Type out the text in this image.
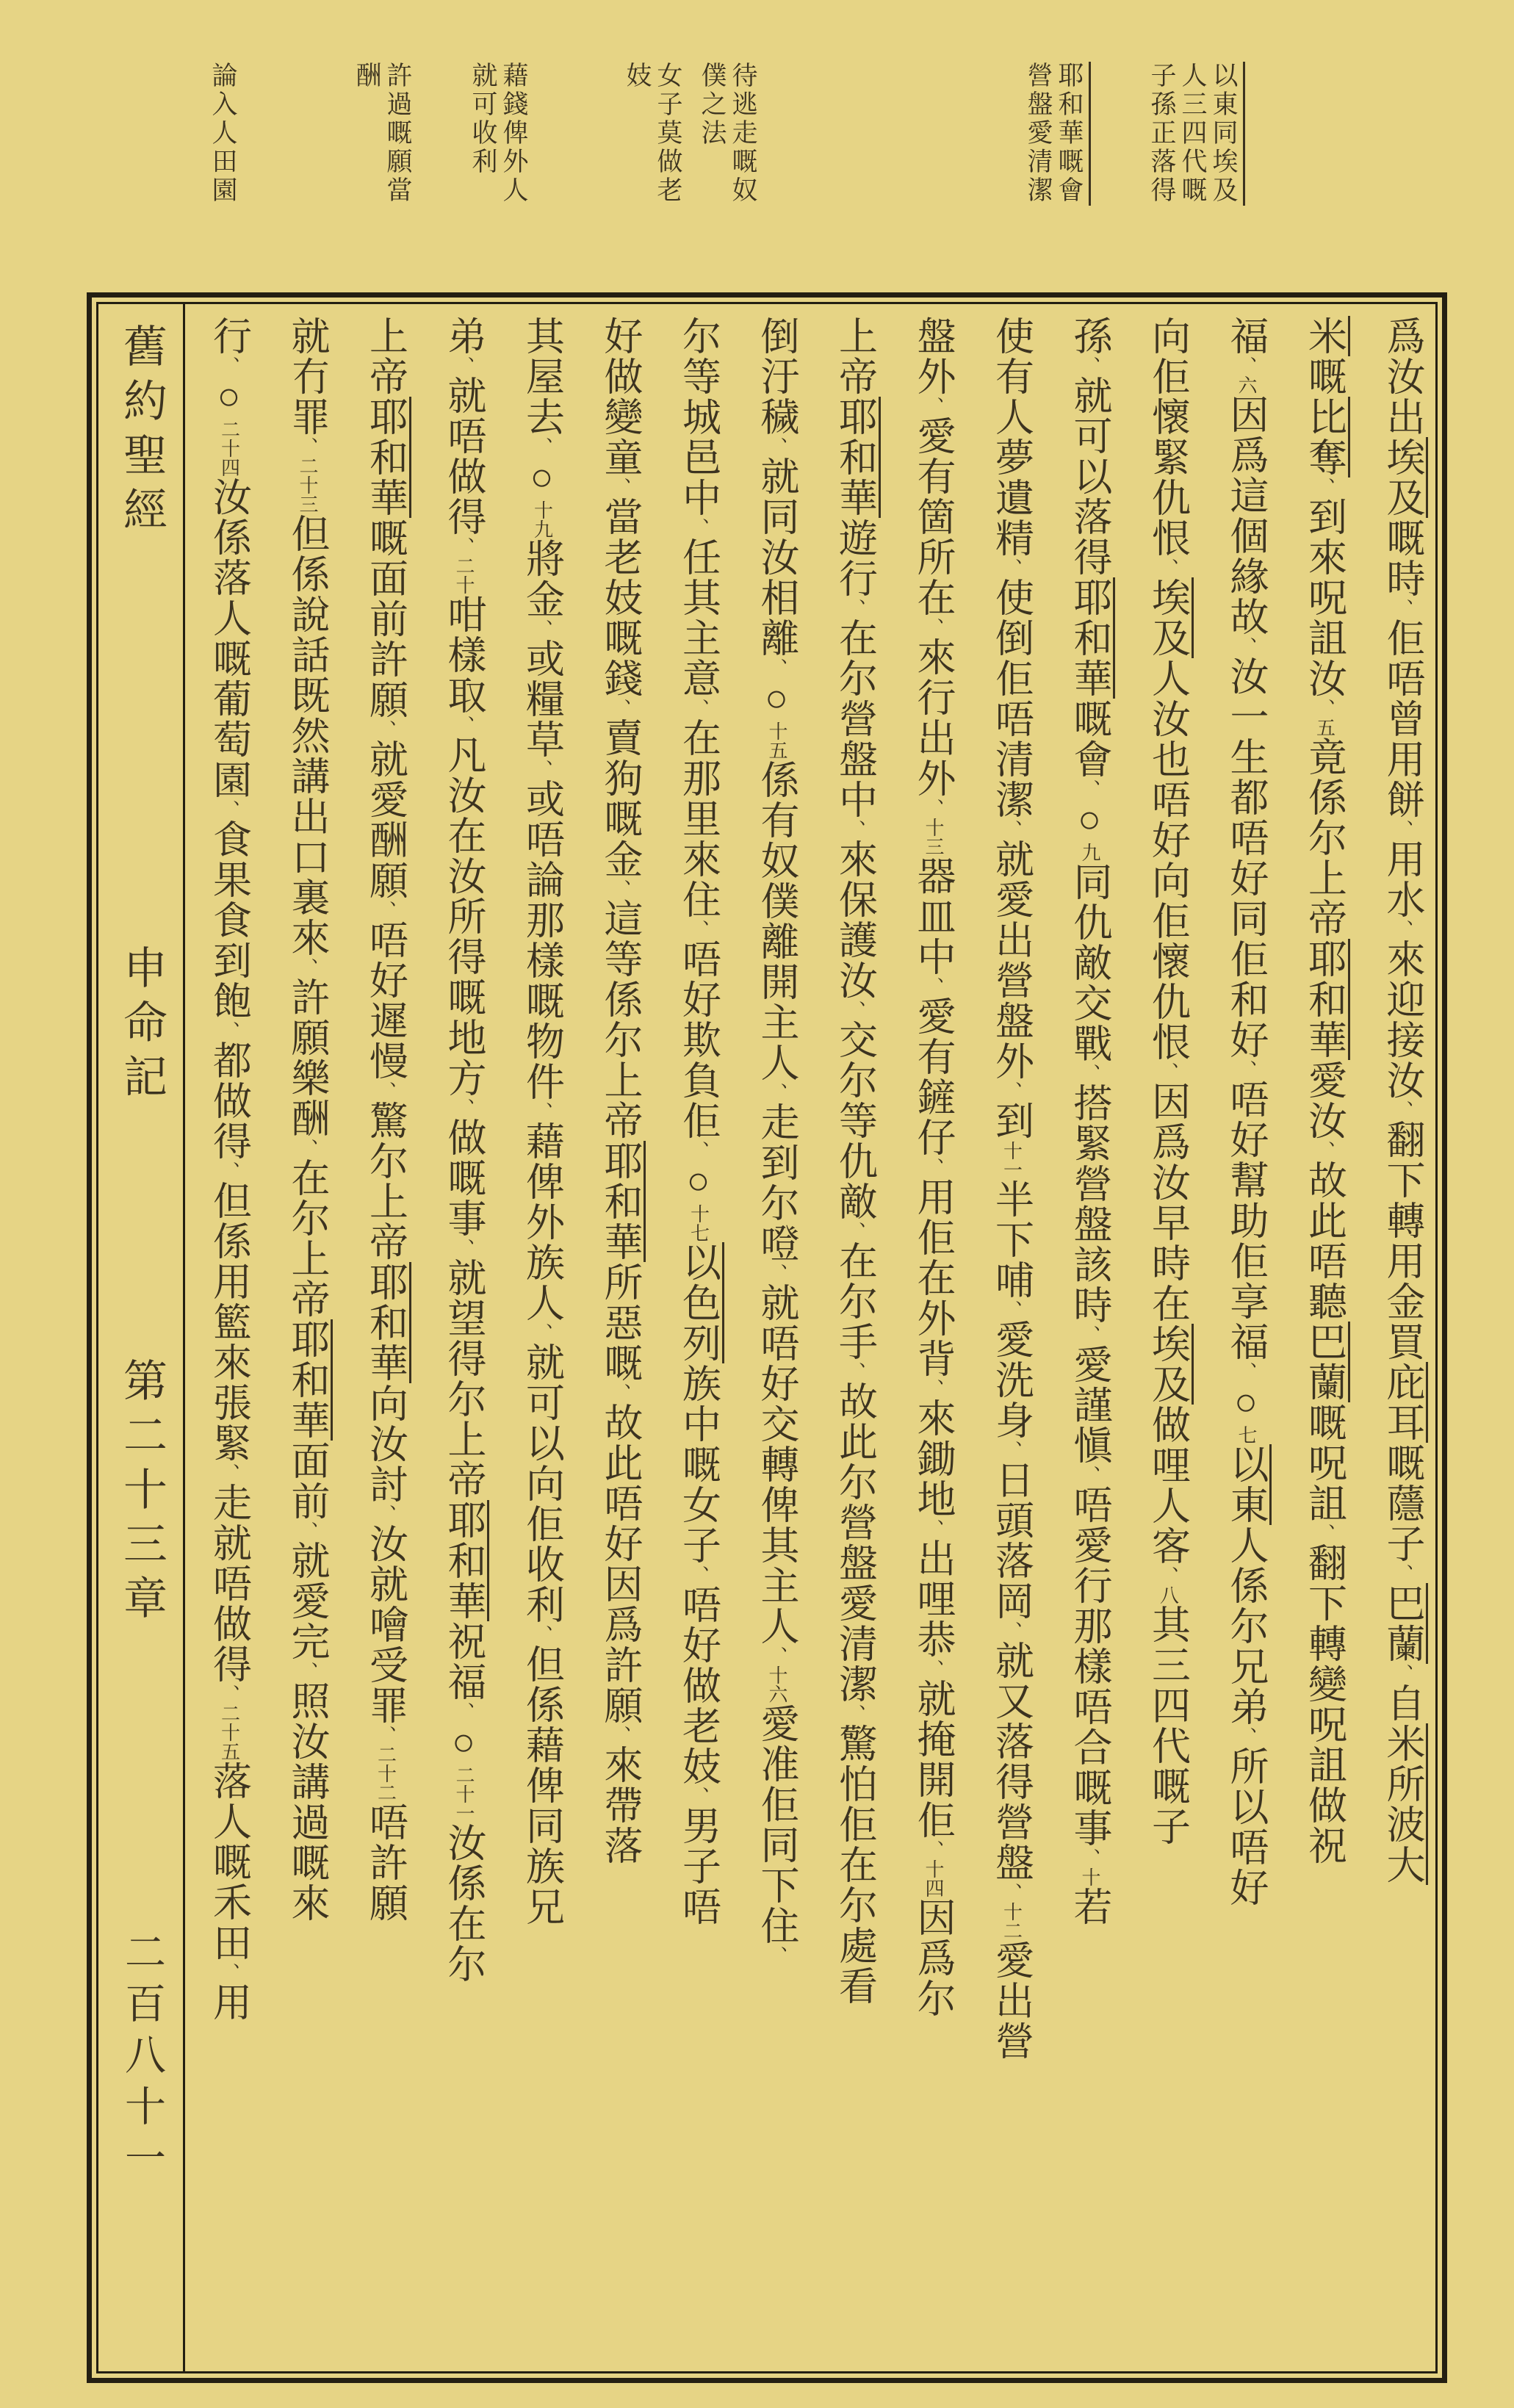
以東同埃及人三四代嘅子孫正落得
耶和華嘅會營盤愛清潔
待逃走嘅奴僕之法
女子莫做老妓
藉錢俾外人就可收利
許過嘅願當酬
論入人田園
舊約聖經 申命記 第二十三章 二百八十一
爲汝出埃及嘅時、佢唔曾用餅、用水、來迎接汝、翻下轉用金買庇耳嘅蘟子、巴蘭、自米所波大
米嘅比奪、到來呪詛汝、五竟係尔上帝耶和華愛汝、故此唔聽巴蘭嘅呪詛、翻下轉變呪詛做祝
福、六因爲這個緣故、汝一生都唔好同佢和好、唔好幫助佢享福、○七以東人係尔兄弟、所以唔好
向佢懷緊仇恨、埃及人汝也唔好向佢懷仇恨、因爲汝早時在埃及做哩人客、八其三四代嘅子
孫、就可以落得耶和華嘅會、○九同仇敵交戰、搭緊營盤該時、愛謹愼、唔愛行那樣唔合嘅事、十若
使有人夢遺精、使倒佢唔清潔、就愛出營盤外、到十一半下哺、愛洗身、日頭落岡、就又落得營盤、十二愛出營
盤外、愛有箇所在、來行出外、十三器皿中、愛有鏟仔、用佢在外背、來鋤地、出哩恭、就掩開佢、十四因爲尔
上帝耶和華遊行、在尔營盤中、來保護汝、交尔等仇敵、在尔手、故此尔營盤愛清潔、驚怕佢在尔處看
倒汙穢、就同汝相離、○十五係有奴僕離開主人、走到尔噔、就唔好交轉俾其主人、十六愛准佢同下住、
尔等城邑中、任其主意、在那里來住、唔好欺負佢、○十七以色列族中嘅女子、唔好做老妓、男子唔
好做變童、當老妓嘅錢、賣狗嘅金、這等係尔上帝耶和華所惡嘅、故此唔好因爲許願、來帶落
其屋去、○十九將金、或糧草、或唔論那樣嘅物件、藉俾外族人、就可以向佢收利、但係藉俾同族兄
弟、就唔做得、二十咁樣取、凡汝在汝所得嘅地方、做嘅事、就望得尔上帝耶和華祝福、○二十一汝係在尔
上帝耶和華嘅面前許願、就愛酬願、唔好遲慢、驚尔上帝耶和華向汝討、汝就噲受罪、二十二唔許願
就冇罪、二十三但係說話既然講出口裏來、許願樂酬、在尔上帝耶和華面前、就愛完、照汝講過嘅來
行、○二十四汝係落人嘅葡萄園、食果食到飽、都做得、但係用籃來張緊、走就唔做得、二十五落人嘅禾田、用
